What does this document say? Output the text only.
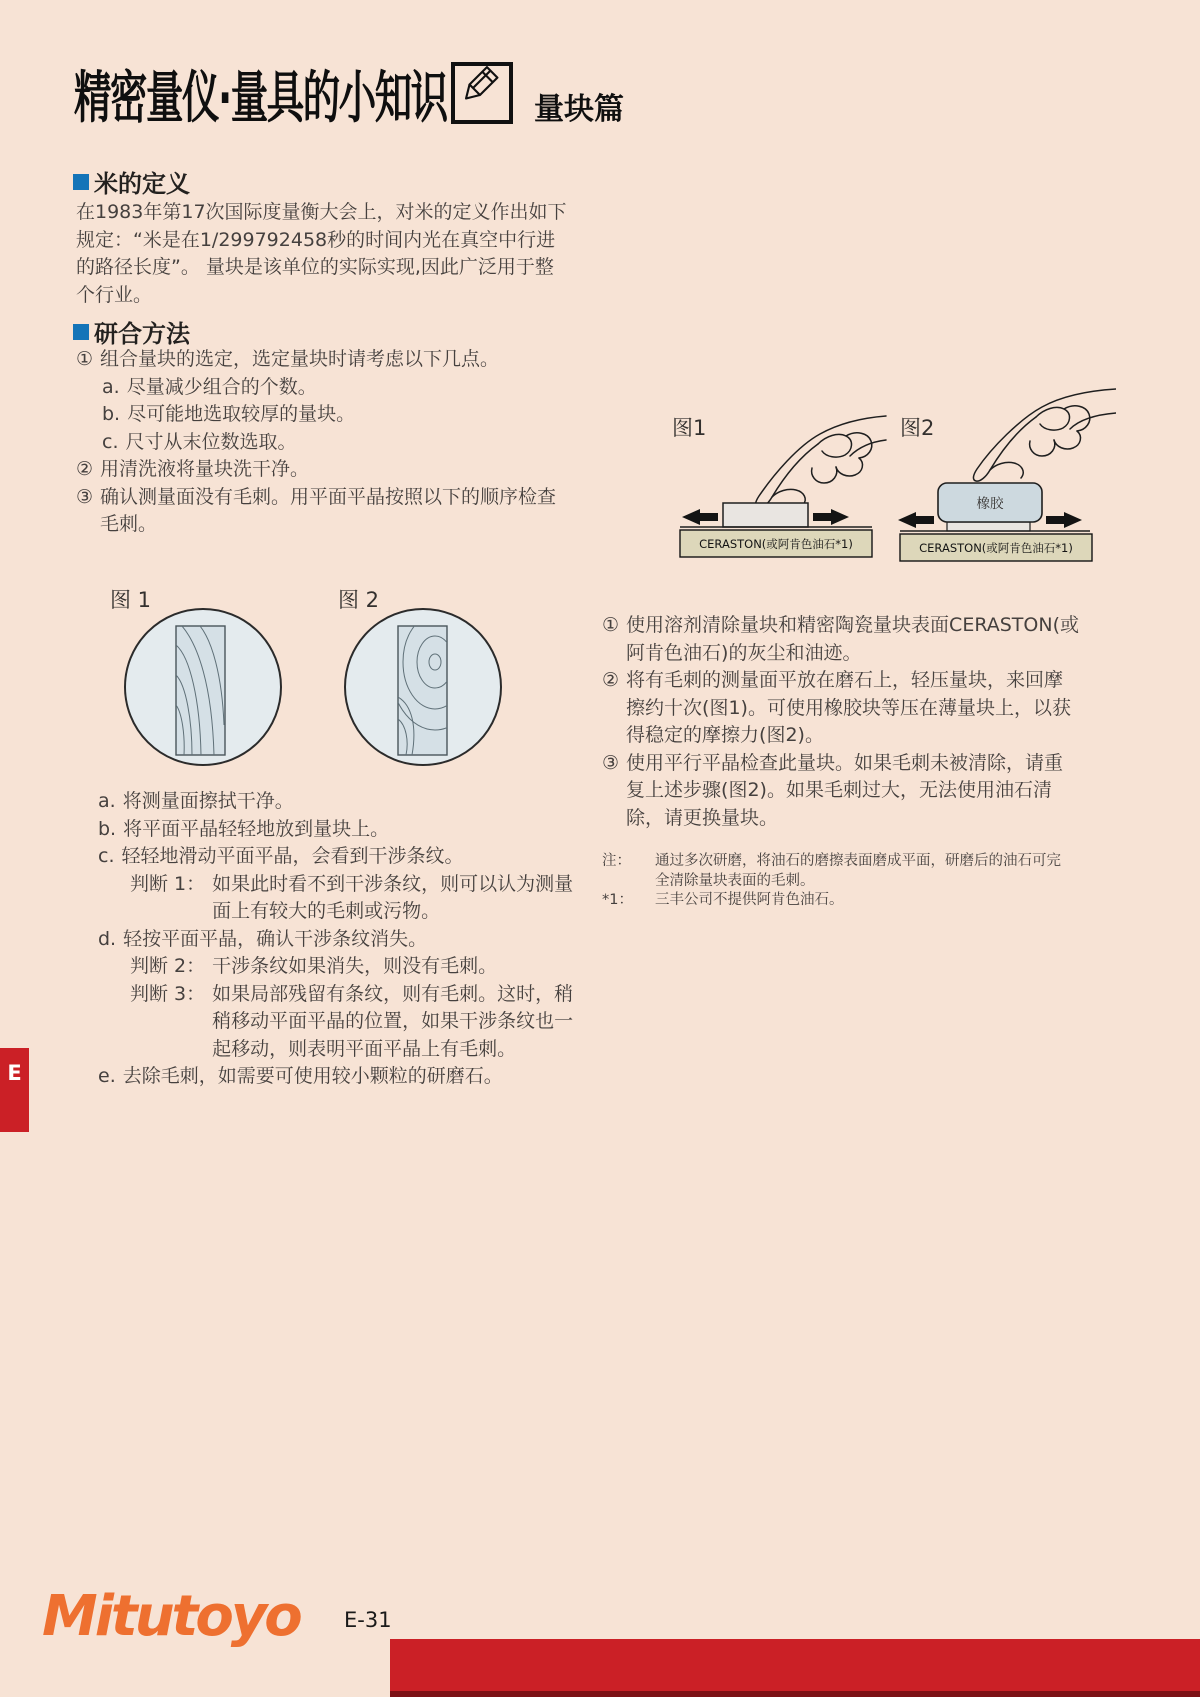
精密量仪·量具的小知识	量块篇
米的定义
在1983年第17次国际度量衡大会上，对米的定义作出如下规定：“米是在1/299792458秒的时间内光在真空中行进的路径长度”。 量块是该单位的实际实现,因此广泛用于整个行业。
研合方法
① 组合量块的选定，选定量块时请考虑以下几点。
a. 尽量减少组合的个数。
b. 尽可能地选取较厚的量块。
c. 尺寸从末位数选取。
② 用清洗液将量块洗干净。
③ 确认测量面没有毛刺。用平面平晶按照以下的顺序检查毛刺。
图 1	图 2
a. 将测量面擦拭干净。
b. 将平面平晶轻轻地放到量块上。
c. 轻轻地滑动平面平晶，会看到干涉条纹。
判断 1： 如果此时看不到干涉条纹，则可以认为测量面上有较大的毛刺或污物。
d. 轻按平面平晶，确认干涉条纹消失。
判断 2： 干涉条纹如果消失，则没有毛刺。
判断 3： 如果局部残留有条纹，则有毛刺。这时，稍稍移动平面平晶的位置，如果干涉条纹也一起移动，则表明平面平晶上有毛刺。
e. 去除毛刺，如需要可使用较小颗粒的研磨石。
图1	图2
CERASTON(或阿肯色油石*1)
橡胶
CERASTON(或阿肯色油石*1)
① 使用溶剂清除量块和精密陶瓷量块表面CERASTON(或阿肯色油石)的灰尘和油迹。
② 将有毛刺的测量面平放在磨石上，轻压量块，来回摩擦约十次(图1)。可使用橡胶块等压在薄量块上，以获得稳定的摩擦力(图2)。
③ 使用平行平晶检查此量块。如果毛刺未被清除，请重复上述步骤(图2)。如果毛刺过大，无法使用油石清除，请更换量块。
注：	通过多次研磨，将油石的磨擦表面磨成平面，研磨后的油石可完全清除量块表面的毛刺。
*1：	三丰公司不提供阿肯色油石。
E
Mitutoyo E-31
